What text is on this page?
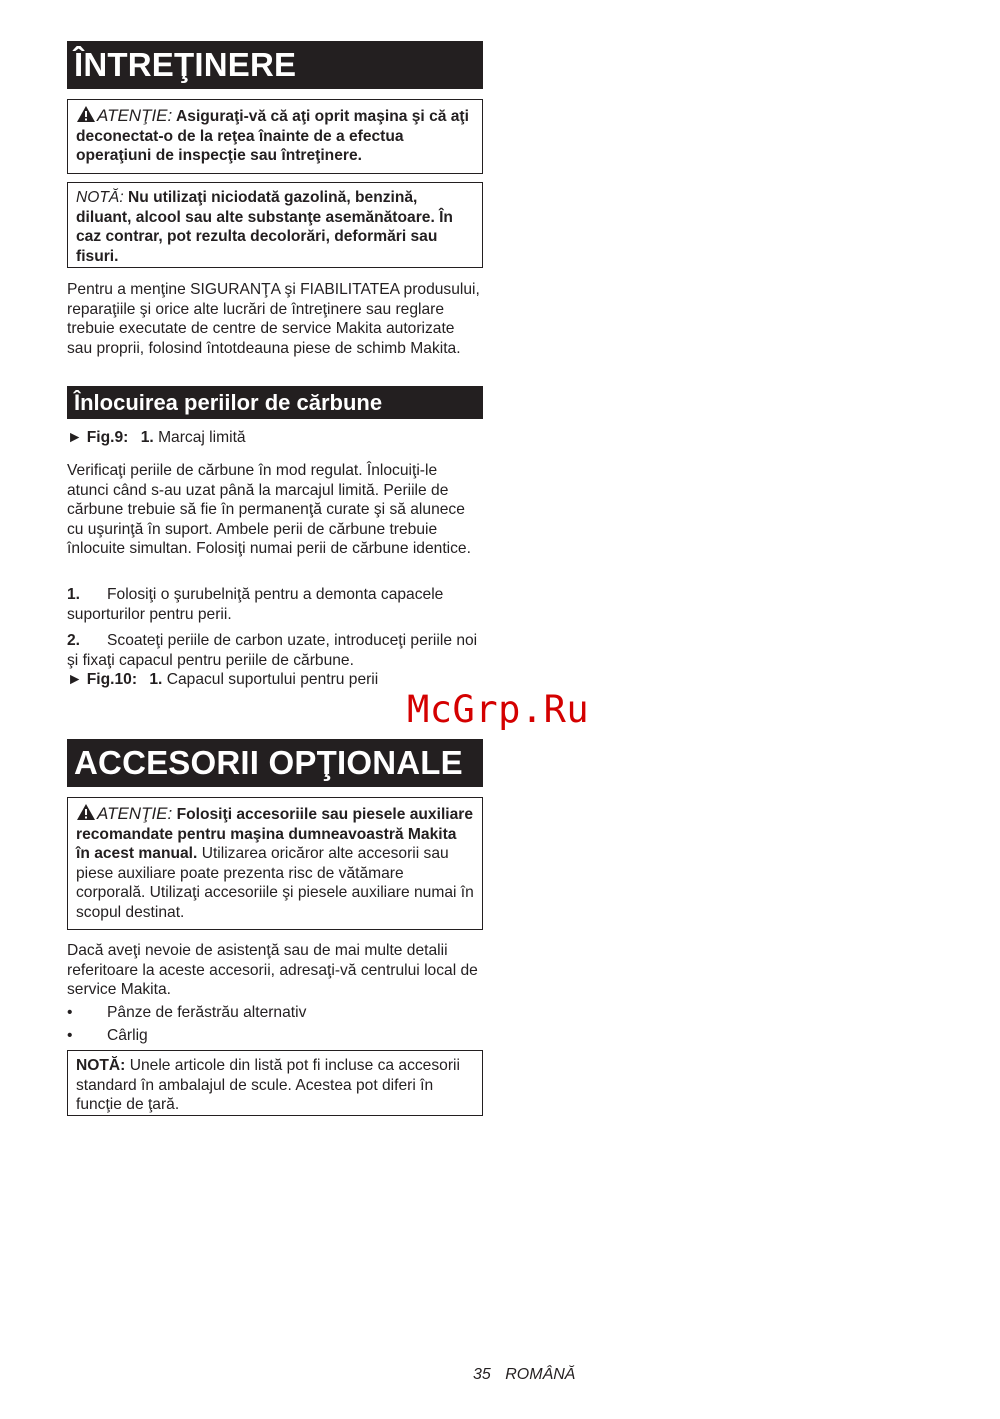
ÎNTREŢINERE
ATENŢIE: Asiguraţi-vă că aţi oprit maşina şi că aţi deconectat-o de la reţea înainte de a efectua operaţiuni de inspecţie sau întreţinere.
NOTĂ: Nu utilizaţi niciodată gazolină, benzină, diluant, alcool sau alte substanţe asemănătoare. În caz contrar, pot rezulta decolorări, deformări sau fisuri.
Pentru a menţine SIGURANŢA şi FIABILITATEA produsului, reparaţiile şi orice alte lucrări de întreţinere sau reglare trebuie executate de centre de service Makita autorizate sau proprii, folosind întotdeauna piese de schimb Makita.
Înlocuirea periilor de cărbune
► Fig.9: 1. Marcaj limită
Verificaţi periile de cărbune în mod regulat. Înlocuiţi-le atunci când s-au uzat până la marcajul limită. Periile de cărbune trebuie să fie în permanenţă curate şi să alunece cu uşurinţă în suport. Ambele perii de cărbune trebuie înlocuite simultan. Folosiţi numai perii de cărbune identice.
1. Folosiţi o şurubelniţă pentru a demonta capacele suporturilor pentru perii.
2. Scoateţi periile de carbon uzate, introduceţi periile noi şi fixaţi capacul pentru periile de cărbune.
► Fig.10: 1. Capacul suportului pentru perii
McGrp.Ru
ACCESORII OPŢIONALE
ATENŢIE: Folosiţi accesoriile sau piesele auxiliare recomandate pentru maşina dumneavoastră Makita în acest manual. Utilizarea oricăror alte accesorii sau piese auxiliare poate prezenta risc de vătămare corporală. Utilizaţi accesoriile şi piesele auxiliare numai în scopul destinat.
Dacă aveţi nevoie de asistenţă sau de mai multe detalii referitoare la aceste accesorii, adresaţi-vă centrului local de service Makita.
•	Pânze de ferăstrău alternativ
•	Cârlig
NOTĂ: Unele articole din listă pot fi incluse ca accesorii standard în ambalajul de scule. Acestea pot diferi în funcţie de ţară.
35 ROMÂNĂ
